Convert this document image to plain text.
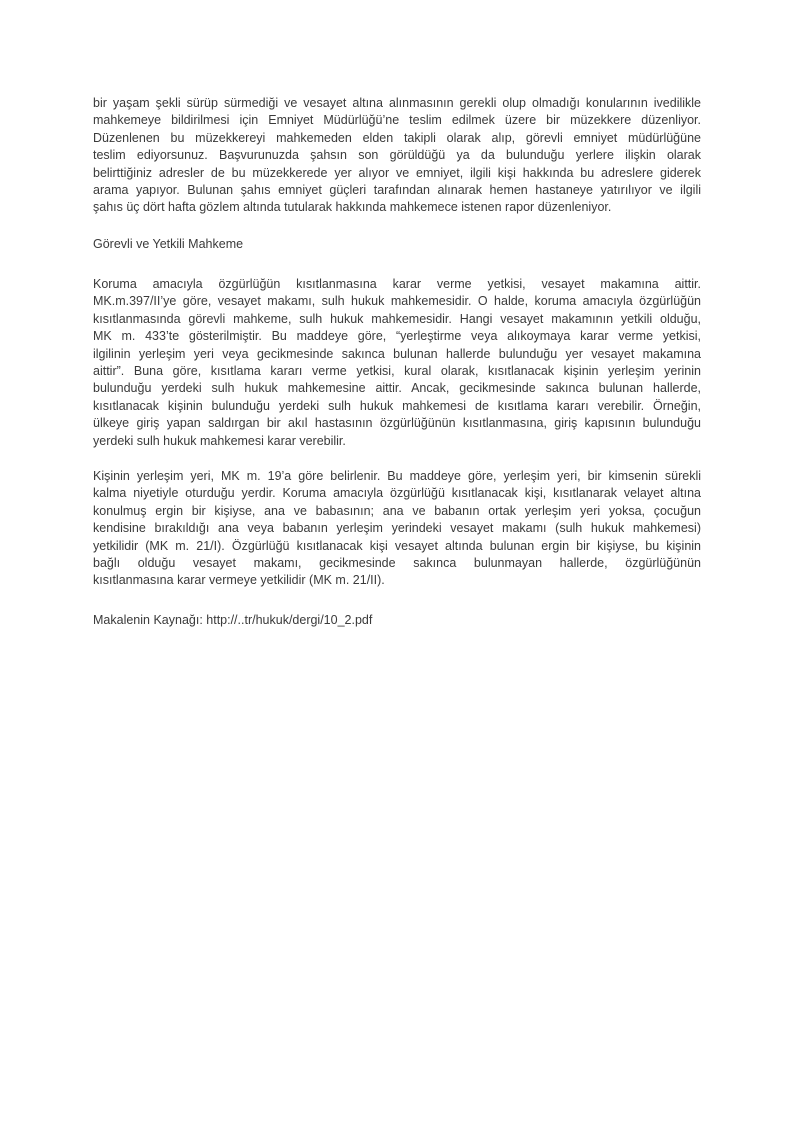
bir yaşam şekli sürüp sürmediği ve vesayet altına alınmasının gerekli olup olmadığı konularının ivedilikle
mahkemeye bildirilmesi için Emniyet Müdürlüğü’ne teslim edilmek üzere bir müzekkere düzenliyor.
Düzenlenen bu müzekkereyi mahkemeden elden takipli olarak alıp, görevli emniyet müdürlüğüne
teslim ediyorsunuz. Başvurunuzda şahsın son görüldüğü ya da bulunduğu yerlere ilişkin olarak
belirttiğiniz adresler de bu müzekkerede yer alıyor ve emniyet, ilgili kişi hakkında bu adreslere giderek
arama yapıyor. Bulunan şahıs emniyet güçleri tarafından alınarak hemen hastaneye yatırılıyor ve ilgili
şahıs üç dört hafta gözlem altında tutularak hakkında mahkemece istenen rapor düzenleniyor.
Görevli ve Yetkili Mahkeme
Koruma amacıyla özgürlüğün kısıtlanmasına karar verme yetkisi, vesayet makamına aittir.
MK.m.397/II’ye göre, vesayet makamı, sulh hukuk mahkemesidir. O halde, koruma amacıyla özgürlüğün
kısıtlanmasında görevli mahkeme, sulh hukuk mahkemesidir. Hangi vesayet makamının yetkili olduğu,
MK m. 433’te gösterilmiştir. Bu maddeye göre, “yerleştirme veya alıkoymaya karar verme yetkisi,
ilgilinin yerleşim yeri veya gecikmesinde sakınca bulunan hallerde bulunduğu yer vesayet makamına
aittir”. Buna göre, kısıtlama kararı verme yetkisi, kural olarak, kısıtlanacak kişinin yerleşim yerinin
bulunduğu yerdeki sulh hukuk mahkemesine aittir. Ancak, gecikmesinde sakınca bulunan hallerde,
kısıtlanacak kişinin bulunduğu yerdeki sulh hukuk mahkemesi de kısıtlama kararı verebilir. Örneğin,
ülkeye giriş yapan saldırgan bir akıl hastasının özgürlüğünün kısıtlanmasına, giriş kapısının bulunduğu
yerdeki sulh hukuk mahkemesi karar verebilir.
Kişinin yerleşim yeri, MK m. 19’a göre belirlenir. Bu maddeye göre, yerleşim yeri, bir kimsenin sürekli
kalma niyetiyle oturduğu yerdir. Koruma amacıyla özgürlüğü kısıtlanacak kişi, kısıtlanarak velayet altına
konulmuş ergin bir kişiyse, ana ve babasının; ana ve babanın ortak yerleşim yeri yoksa, çocuğun
kendisine bırakıldığı ana veya babanın yerleşim yerindeki vesayet makamı (sulh hukuk mahkemesi)
yetkilidir (MK m. 21/I). Özgürlüğü kısıtlanacak kişi vesayet altında bulunan ergin bir kişiyse, bu kişinin
bağlı olduğu vesayet makamı, gecikmesinde sakınca bulunmayan hallerde, özgürlüğünün
kısıtlanmasına karar vermeye yetkilidir (MK m. 21/II).
Makalenin Kaynağı: http://..tr/hukuk/dergi/10_2.pdf
